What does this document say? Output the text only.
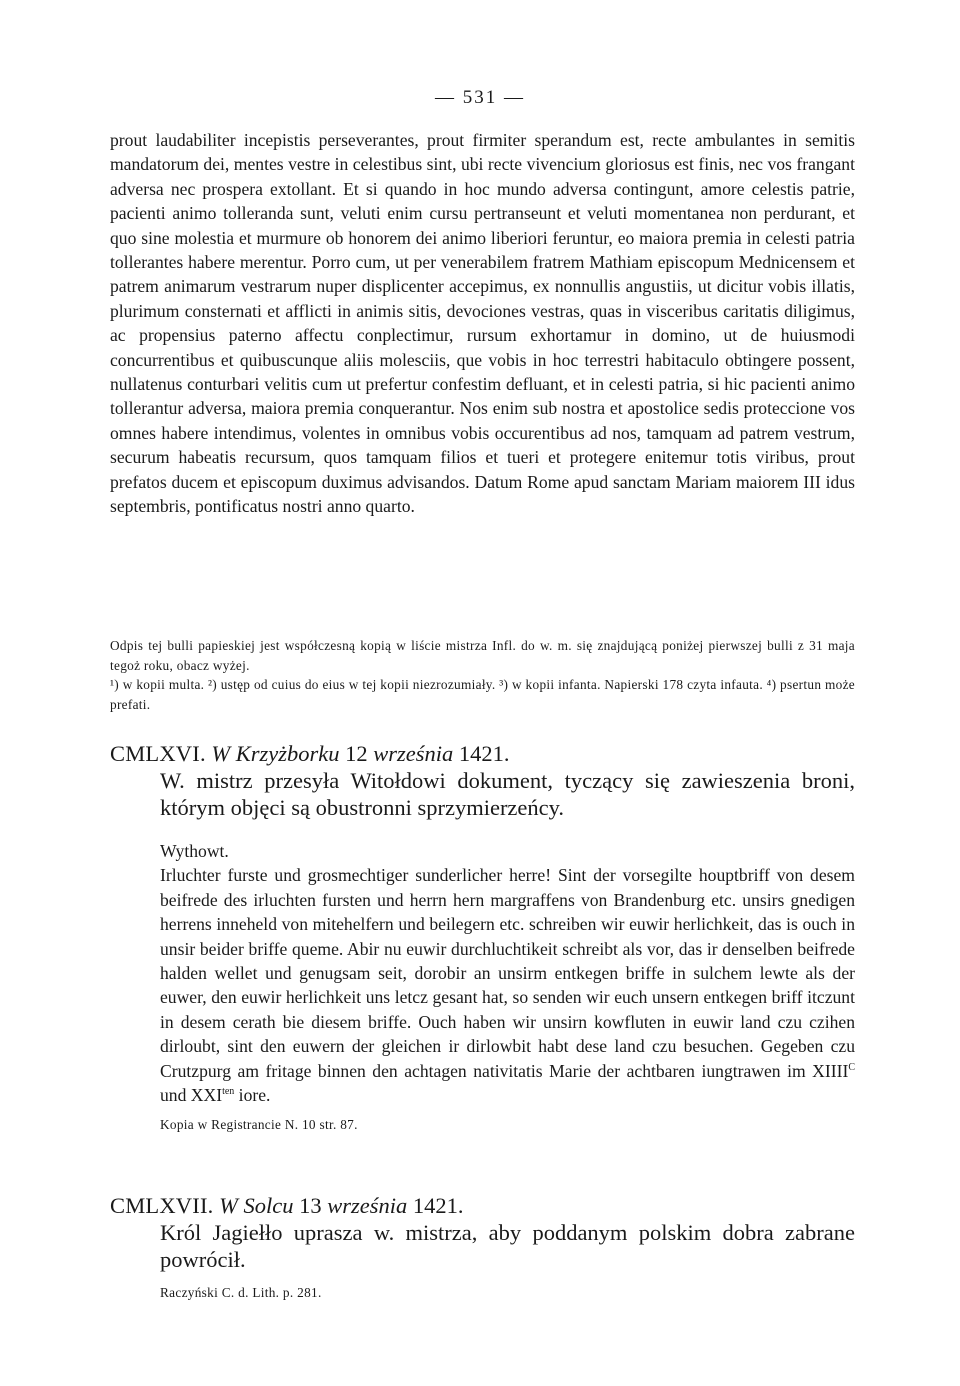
— 531 —

prout laudabiliter incepistis perseverantes, prout firmiter sperandum est, recte ambulantes in semitis mandatorum dei, mentes vestre in celestibus sint, ubi recte vivencium gloriosus est finis, nec vos frangant adversa nec prospera extollant. Et si quando in hoc mundo adversa contingunt, amore celestis patrie, pacienti animo tolleranda sunt, veluti enim cursu pertranseunt et veluti momentanea non perdurant, et quo sine molestia et murmure ob honorem dei animo liberiori feruntur, eo maiora premia in celesti patria tollerantes habere merentur. Porro cum, ut per venerabilem fratrem Mathiam episcopum Mednicensem et patrem animarum vestrarum nuper displicenter accepimus, ex nonnullis angustiis, ut dicitur vobis illatis, plurimum consternati et afflicti in animis sitis, devociones vestras, quas in visceribus caritatis diligimus, ac propensius paterno affectu conplectimur, rursum exhortamur in domino, ut de huiusmodi concurrentibus et quibuscunque aliis molesciis, que vobis in hoc terrestri habitaculo obtingere possent, nullatenus conturbari velitis cum ut prefertur confestim defluant, et in celesti patria, si hic pacienti animo tollerantur adversa, maiora premia conquerantur. Nos enim sub nostra et apostolice sedis proteccione vos omnes habere intendimus, volentes in omnibus vobis occurentibus ad nos, tamquam ad patrem vestrum, securum habeatis recursum, quos tamquam filios et tueri et protegere enitemur totis viribus, prout prefatos ducem et episcopum duximus advisandos. Datum Rome apud sanctam Mariam maiorem III idus septembris, pontificatus nostri anno quarto.

Odpis tej bulli papieskiej jest współczesną kopią w liście mistrza Infl. do w. m. się znajdującą poniżej pierwszej bulli z 31 maja tegoż roku, obacz wyżej.

¹) w kopii multa. ²) ustęp od cuius do eius w tej kopii niezrozumiały. ³) w kopii infanta. Napierski 178 czyta infauta. ⁴) psertun może prefati.

CMLXVI. W Krzyżborku 12 września 1421.
W. mistrz przesyła Witołdowi dokument, tyczący się zawieszenia broni, którym objęci są obustronni sprzymierzeńcy.

Wythowt.

Irluchter furste und grosmechtiger sunderlicher herre! Sint der vorsegilte houptbriff von desem beifrede des irluchten fursten und herrn hern margraffens von Brandenburg etc. unsirs gnedigen herrens inneheld von mitehelfern und beilegern etc. schreiben wir euwir herlichkeit, das is ouch in unsir beider briffe queme. Abir nu euwir durchluchtikeit schreibt als vor, das ir denselben beifrede halden wellet und genugsam seit, dorobir an unsirm entkegen briffe in sulchem lewte als der euwer, den euwir herlichkeit uns letcz gesant hat, so senden wir euch unsern entkegen briff itczunt in desem cerath bie diesem briffe. Ouch haben wir unsirn kowfluten in euwir land czu czihen dirloubt, sint den euwern der gleichen ir dirlowbit habt dese land czu besuchen. Gegeben czu Crutzpurg am fritage binnen den achtagen nativitatis Marie der achtbaren iungtrawen im $XIIII^C$ und $XXI^{ten}$ iore.

Kopia w Registrancie N. 10 str. 87.
CMLXVII. W Solcu 13 września 1421.
Król Jagiełło uprasza w. mistrza, aby poddanym polskim dobra zabrane powrócił.
Raczyński C. d. Lith. p. 281.
